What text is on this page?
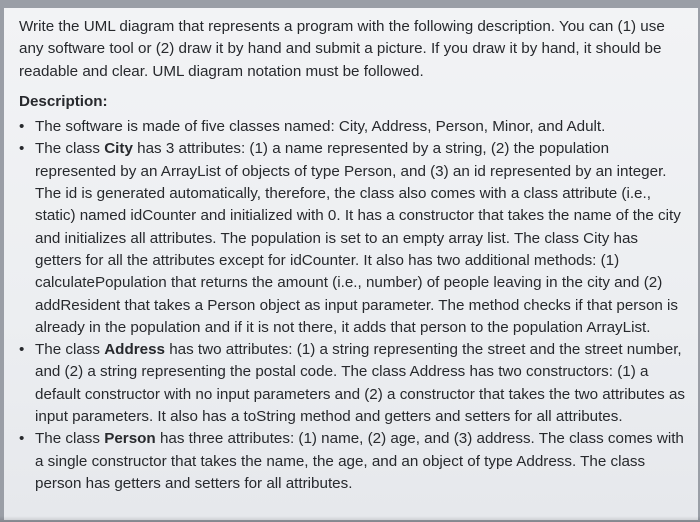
Write the UML diagram that represents a program with the following description. You can (1) use any software tool or (2) draw it by hand and submit a picture. If you draw it by hand, it should be readable and clear. UML diagram notation must be followed.

Description:
• The software is made of five classes named: City, Address, Person, Minor, and Adult.
• The class City has 3 attributes: (1) a name represented by a string, (2) the population represented by an ArrayList of objects of type Person, and (3) an id represented by an integer. The id is generated automatically, therefore, the class also comes with a class attribute (i.e., static) named idCounter and initialized with 0. It has a constructor that takes the name of the city and initializes all attributes. The population is set to an empty array list. The class City has getters for all the attributes except for idCounter. It also has two additional methods: (1) calculatePopulation that returns the amount (i.e., number) of people leaving in the city and (2) addResident that takes a Person object as input parameter. The method checks if that person is already in the population and if it is not there, it adds that person to the population ArrayList.
• The class Address has two attributes: (1) a string representing the street and the street number, and (2) a string representing the postal code. The class Address has two constructors: (1) a default constructor with no input parameters and (2) a constructor that takes the two attributes as input parameters. It also has a toString method and getters and setters for all attributes.
• The class Person has three attributes: (1) name, (2) age, and (3) address. The class comes with a single constructor that takes the name, the age, and an object of type Address. The class person has getters and setters for all attributes.
